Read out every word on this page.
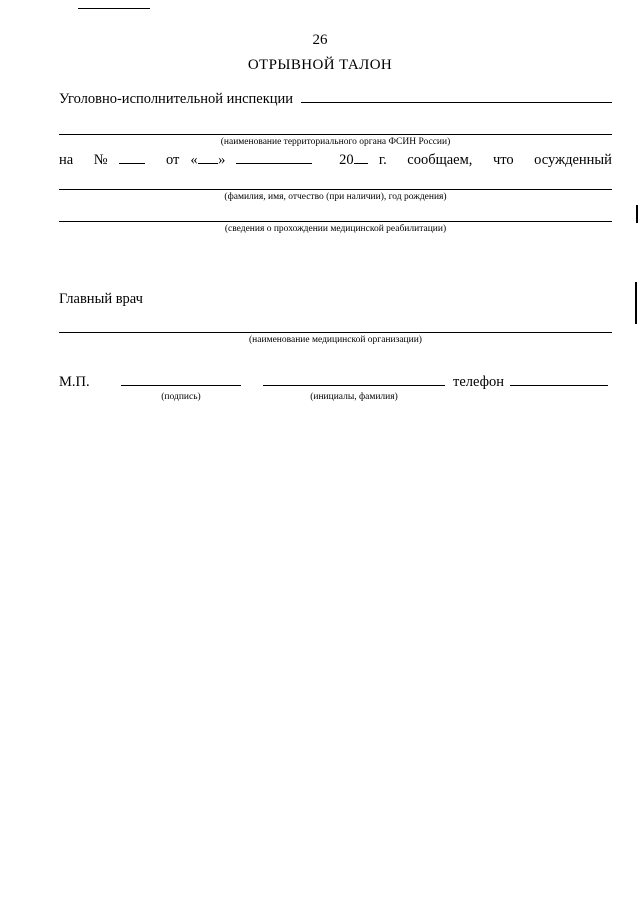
26
ОТРЫВНОЙ ТАЛОН
Уголовно-исполнительной инспекции
(наименование территориального органа ФСИН России)
на №	от « »	20 г. сообщаем, что осужденный
(фамилия, имя, отчество (при наличии), год рождения)
(сведения о прохождении медицинской реабилитации)
Главный врач
(наименование медицинской организации)
М.П.	телефон
(подпись)	(инициалы, фамилия)
